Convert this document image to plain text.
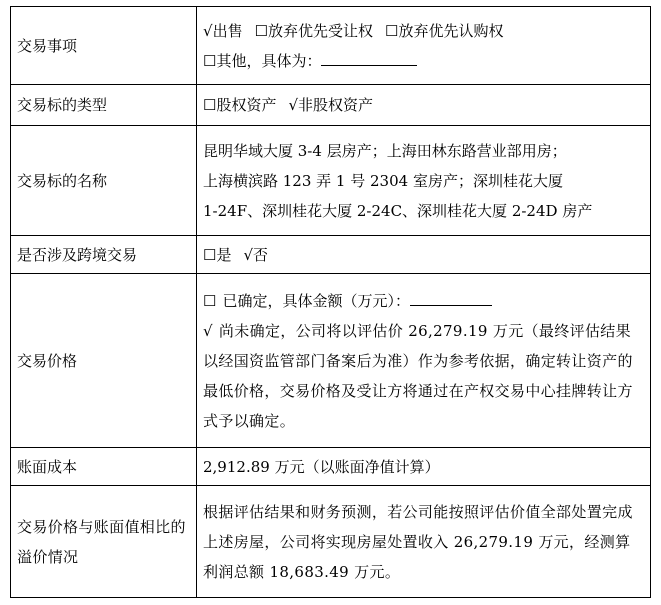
交易事项	√出售 ☐放弃优先受让权 ☐放弃优先认购权
☐其他，具体为：

交易标的类型	☐股权资产 √非股权资产

交易标的名称	昆明华域大厦 3-4 层房产；上海田林东路营业部用房；
上海横滨路 123 弄 1 号 2304 室房产；深圳桂花大厦
1-24F、深圳桂花大厦 2-24C、深圳桂花大厦 2-24D 房产

是否涉及跨境交易	☐是 √否

交易价格	☐ 已确定，具体金额（万元）：
√ 尚未确定，公司将以评估价 26,279.19 万元（最终评估结果以经国资监管部门备案后为准）作为参考依据，确定转让资产的最低价格，交易价格及受让方将通过在产权交易中心挂牌转让方式予以确定。

账面成本	2,912.89 万元（以账面净值计算）

交易价格与账面值相比的溢价情况	根据评估结果和财务预测，若公司能按照评估价值全部处置完成上述房屋，公司将实现房屋处置收入 26,279.19 万元，经测算利润总额 18,683.49 万元。
